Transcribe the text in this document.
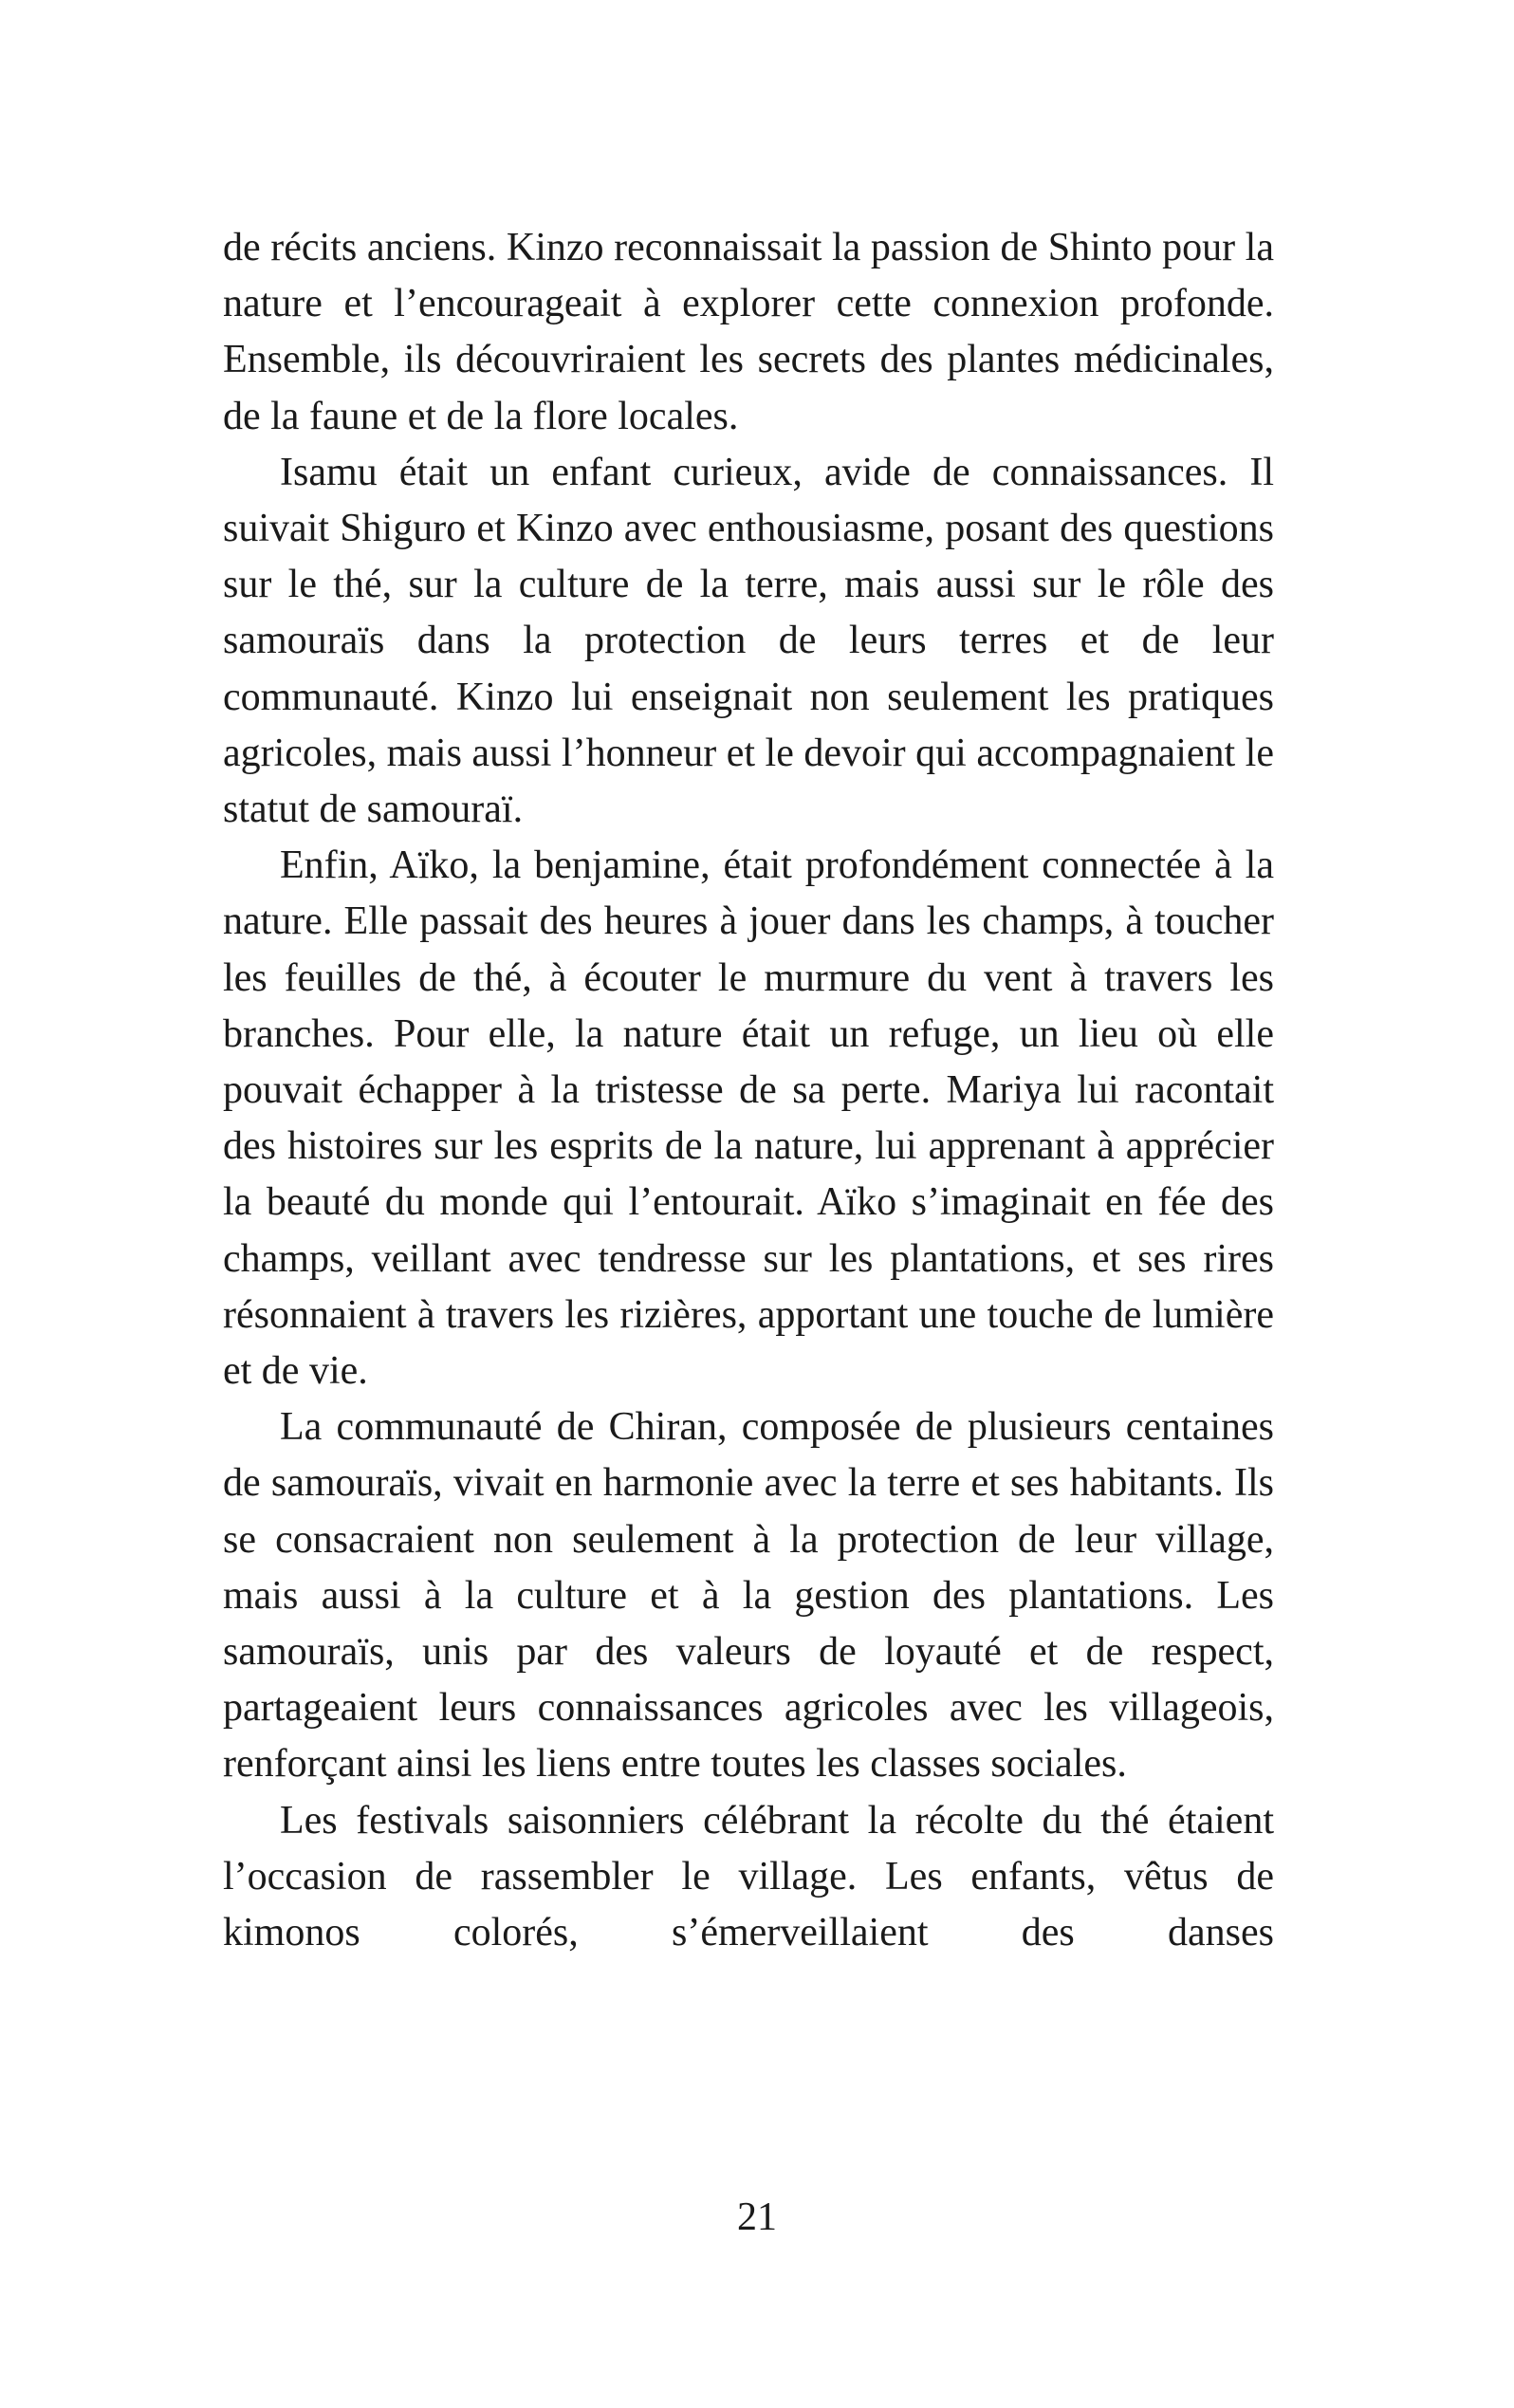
de récits anciens. Kinzo reconnaissait la passion de Shinto pour la nature et l’encourageait à explorer cette connexion profonde. Ensemble, ils découvriraient les secrets des plantes médicinales, de la faune et de la flore locales.

Isamu était un enfant curieux, avide de connaissances. Il suivait Shiguro et Kinzo avec enthousiasme, posant des questions sur le thé, sur la culture de la terre, mais aussi sur le rôle des samouraïs dans la protection de leurs terres et de leur communauté. Kinzo lui enseignait non seulement les pratiques agricoles, mais aussi l’honneur et le devoir qui accompagnaient le statut de samouraï.

Enfin, Aïko, la benjamine, était profondément connectée à la nature. Elle passait des heures à jouer dans les champs, à toucher les feuilles de thé, à écouter le murmure du vent à travers les branches. Pour elle, la nature était un refuge, un lieu où elle pouvait échapper à la tristesse de sa perte. Mariya lui racontait des histoires sur les esprits de la nature, lui apprenant à apprécier la beauté du monde qui l’entourait. Aïko s’imaginait en fée des champs, veillant avec tendresse sur les plantations, et ses rires résonnaient à travers les rizières, apportant une touche de lumière et de vie.

La communauté de Chiran, composée de plusieurs centaines de samouraïs, vivait en harmonie avec la terre et ses habitants. Ils se consacraient non seulement à la protection de leur village, mais aussi à la culture et à la gestion des plantations. Les samouraïs, unis par des valeurs de loyauté et de respect, partageaient leurs connaissances agricoles avec les villageois, renforçant ainsi les liens entre toutes les classes sociales.

Les festivals saisonniers célébrant la récolte du thé étaient l’occasion de rassembler le village. Les enfants, vêtus de kimonos colorés, s’émerveillaient des danses

21
